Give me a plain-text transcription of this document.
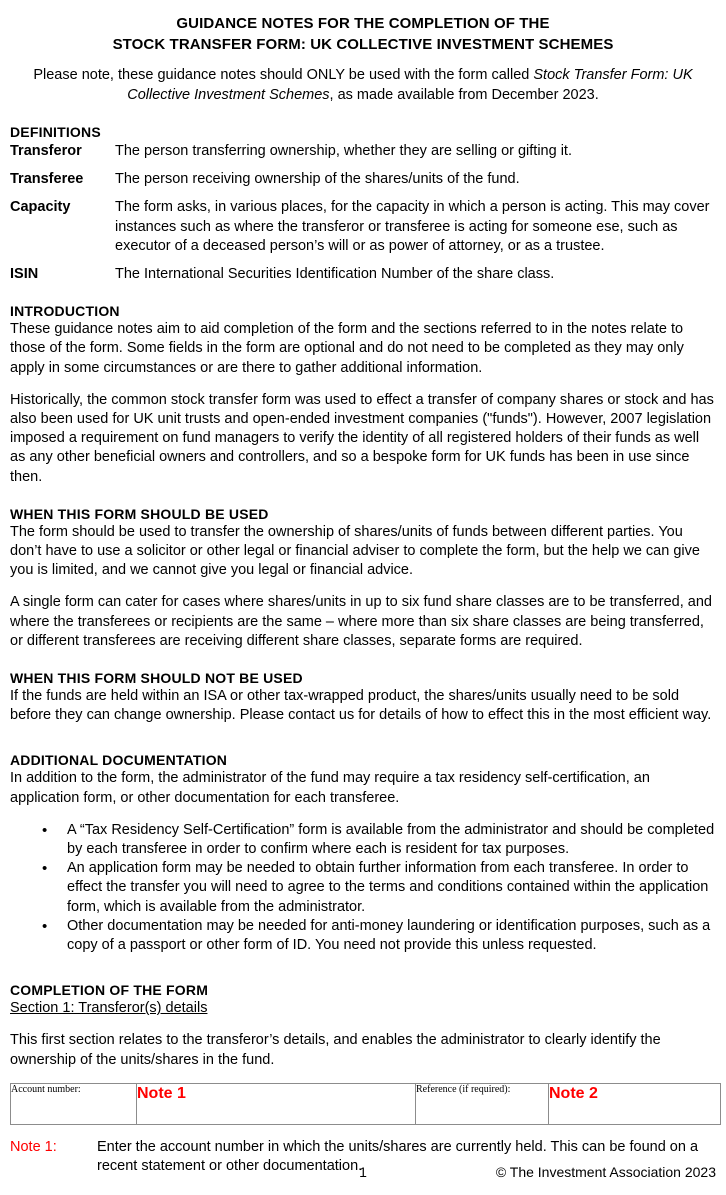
GUIDANCE NOTES FOR THE COMPLETION OF THE
STOCK TRANSFER FORM: UK COLLECTIVE INVESTMENT SCHEMES
Please note, these guidance notes should ONLY be used with the form called Stock Transfer Form: UK Collective Investment Schemes, as made available from December 2023.
DEFINITIONS
Transferor	The person transferring ownership, whether they are selling or gifting it.
Transferee	The person receiving ownership of the shares/units of the fund.
Capacity	The form asks, in various places, for the capacity in which a person is acting. This may cover instances such as where the transferor or transferee is acting for someone ese, such as executor of a deceased person’s will or as power of attorney, or as a trustee.
ISIN	The International Securities Identification Number of the share class.
INTRODUCTION

These guidance notes aim to aid completion of the form and the sections referred to in the notes relate to those of the form. Some fields in the form are optional and do not need to be completed as they may only apply in some circumstances or are there to gather additional information.

Historically, the common stock transfer form was used to effect a transfer of company shares or stock and has also been used for UK unit trusts and open-ended investment companies ("funds"). However, 2007 legislation imposed a requirement on fund managers to verify the identity of all registered holders of their funds as well as any other beneficial owners and controllers, and so a bespoke form for UK funds has been in use since then.

WHEN THIS FORM SHOULD BE USED

The form should be used to transfer the ownership of shares/units of funds between different parties. You don’t have to use a solicitor or other legal or financial adviser to complete the form, but the help we can give you is limited, and we cannot give you legal or financial advice.

A single form can cater for cases where shares/units in up to six fund share classes are to be transferred, and where the transferees or recipients are the same – where more than six share classes are being transferred, or different transferees are receiving different share classes, separate forms are required.

WHEN THIS FORM SHOULD NOT BE USED

If the funds are held within an ISA or other tax-wrapped product, the shares/units usually need to be sold before they can change ownership. Please contact us for details of how to effect this in the most efficient way.

ADDITIONAL DOCUMENTATION

In addition to the form, the administrator of the fund may require a tax residency self-certification, an application form, or other documentation for each transferee.

• A “Tax Residency Self-Certification” form is available from the administrator and should be completed by each transferee in order to confirm where each is resident for tax purposes.
• An application form may be needed to obtain further information from each transferee. In order to effect the transfer you will need to agree to the terms and conditions contained within the application form, which is available from the administrator.
• Other documentation may be needed for anti-money laundering or identification purposes, such as a copy of a passport or other form of ID. You need not provide this unless requested.
COMPLETION OF THE FORM
Section 1: Transferor(s) details

This first section relates to the transferor’s details, and enables the administrator to clearly identify the ownership of the units/shares in the fund.

Account number:	Note 1	Reference (if required):	Note 2
Note 1:	Enter the account number in which the units/shares are currently held. This can be found on a recent statement or other documentation.
1	© The Investment Association 2023
